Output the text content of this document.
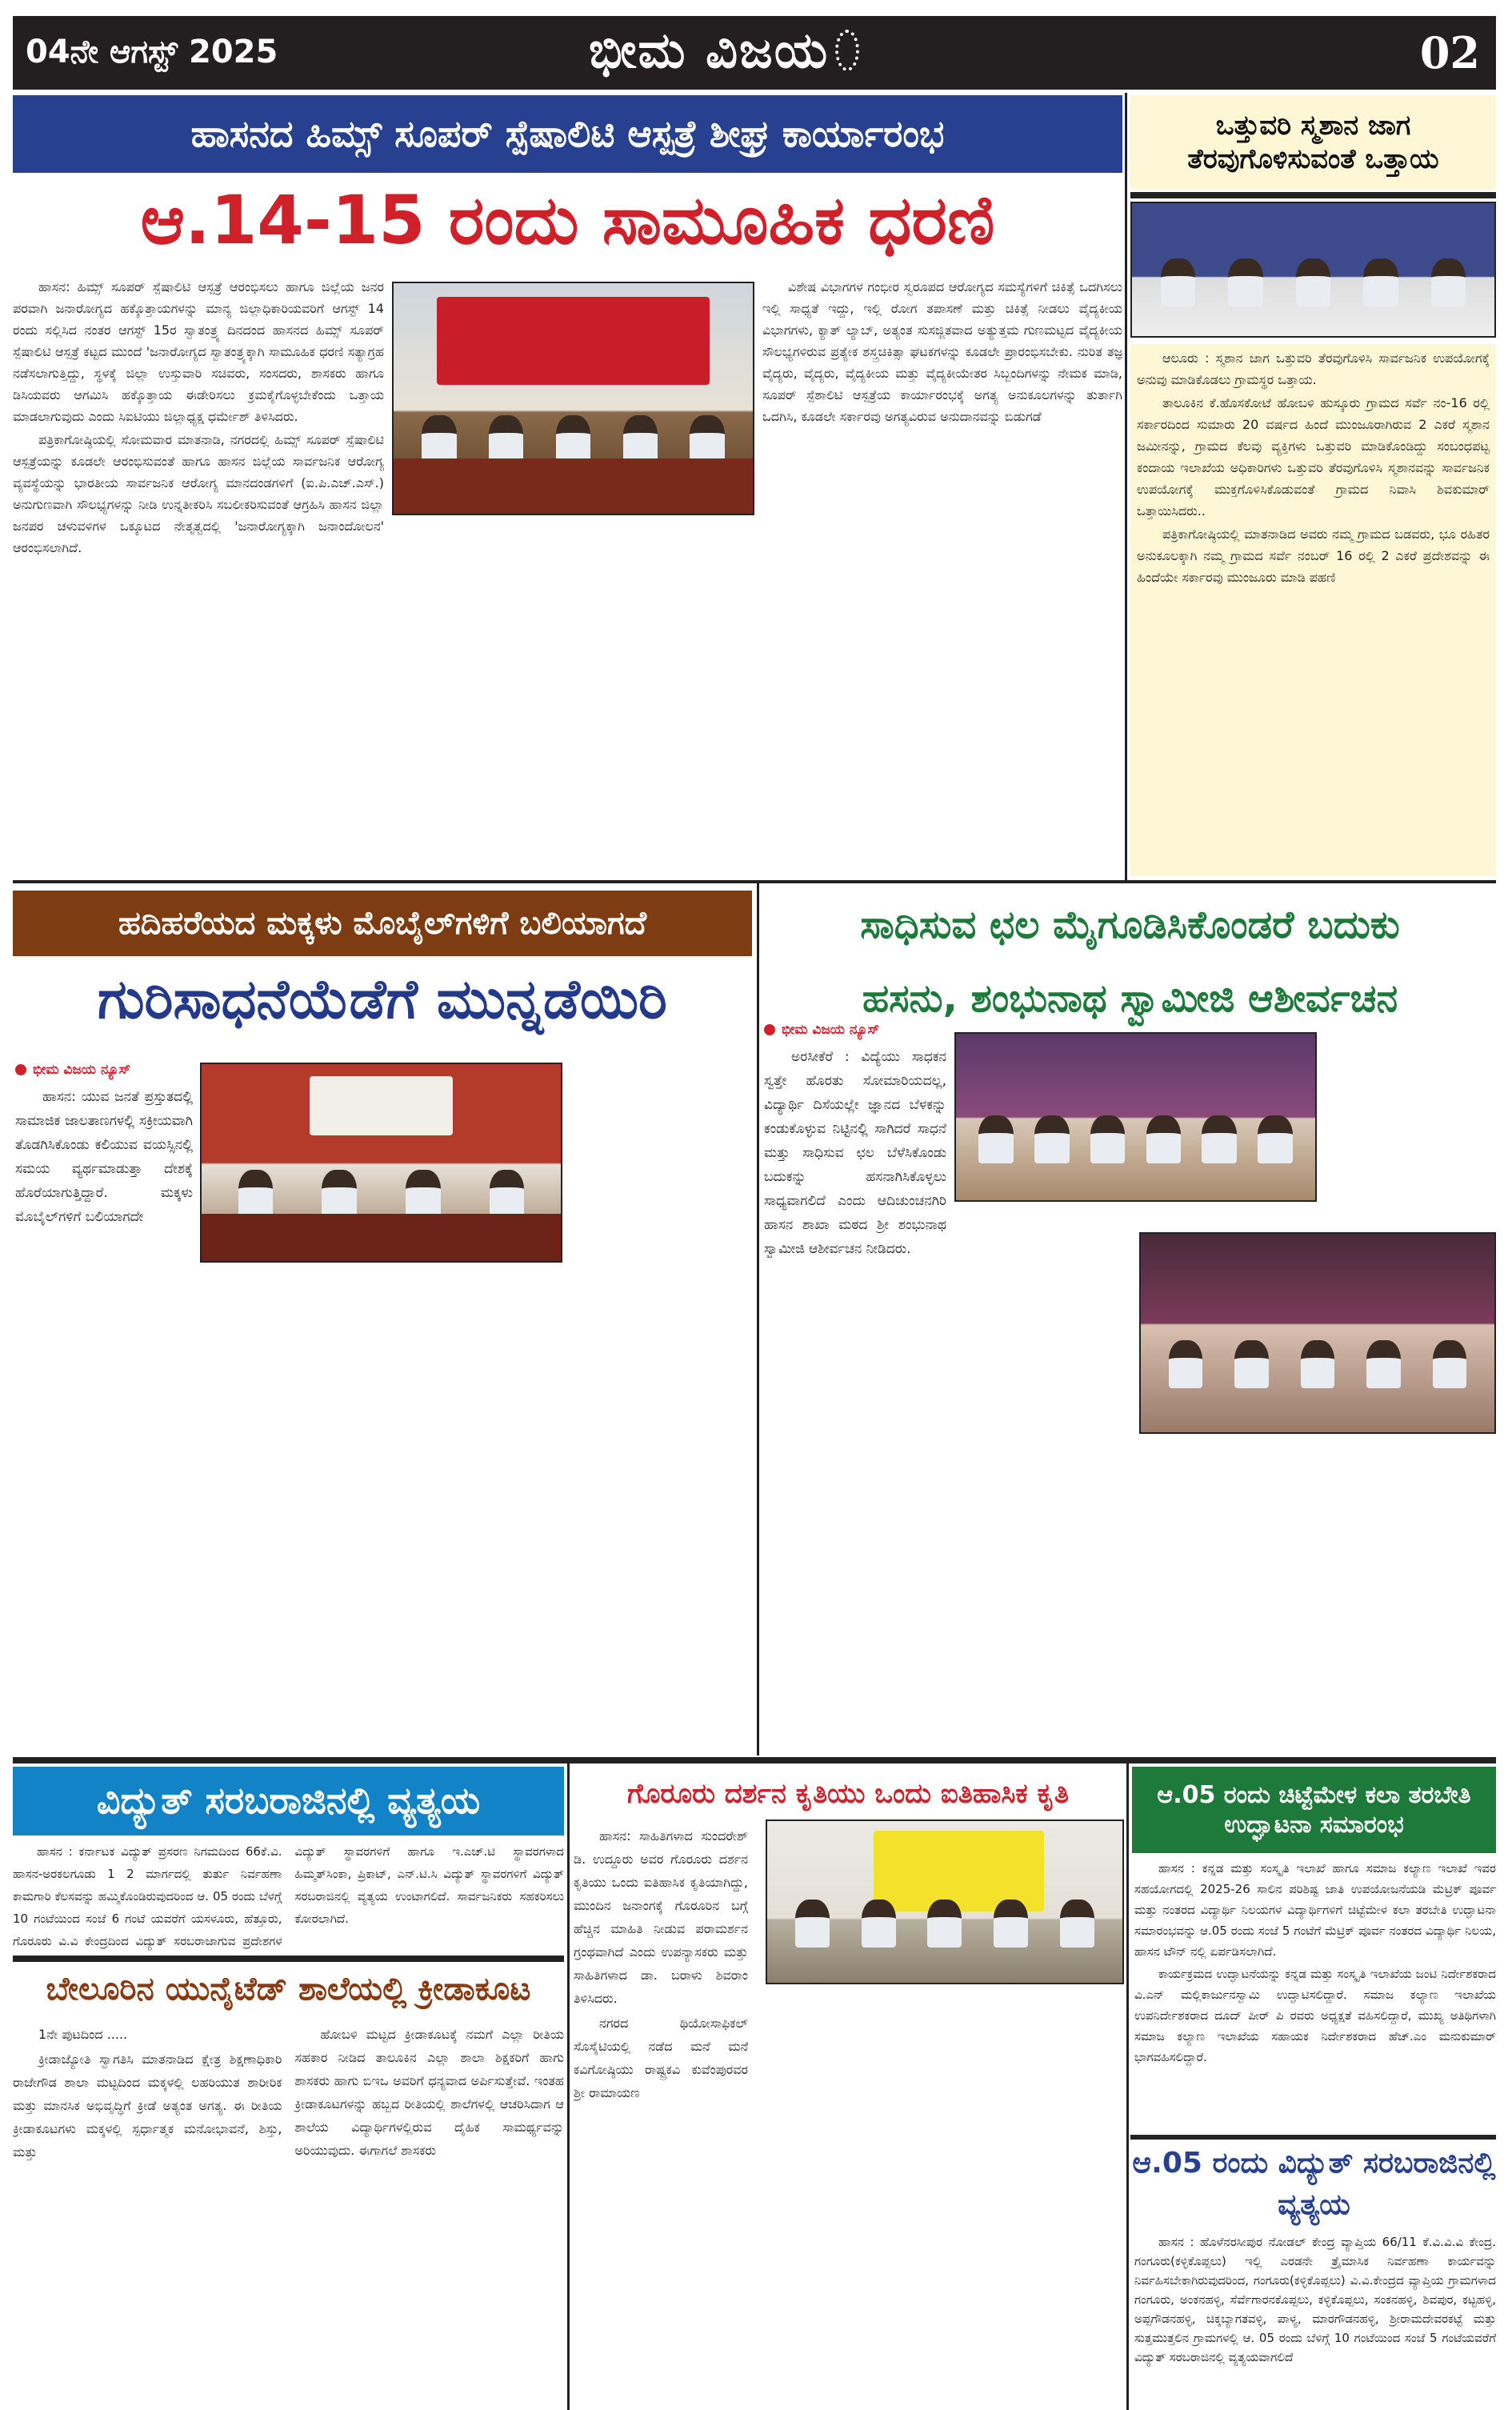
04ನೇ ಆಗಸ್ಟ್ 2025	ಭೀಮ ವಿಜಯ	02
ಹಾಸನದ ಹಿಮ್ಸ್ ಸೂಪರ್ ಸ್ಪೆಷಾಲಿಟಿ ಆಸ್ಪತ್ರೆ ಶೀಘ್ರ ಕಾರ್ಯಾರಂಭ
ಆ.14-15 ರಂದು ಸಾಮೂಹಿಕ ಧರಣಿ

ಹಾಸನ: ಹಿಮ್ಸ್ ಸೂಪರ್ ಸ್ಪೆಷಾಲಿಟಿ ಆಸ್ಪತ್ರೆ ಆರಂಭಿಸಲು ಹಾಗೂ ಜಿಲ್ಲೆಯ ಜನರ ಪರವಾಗಿ ಜನಾರೋಗ್ಯದ ಹಕ್ಕೊತ್ತಾಯಗಳನ್ನು ಮಾನ್ಯ ಜಿಲ್ಲಾಧಿಕಾರಿಯವರಿಗೆ ಆಗಸ್ಟ್ 14 ರಂದು ಸಲ್ಲಿಸಿದ ನಂತರ ಆಗಸ್ಟ್ 15ರ ಸ್ವಾತಂತ್ರ್ಯ ದಿನದಂದ ಹಾಸನದ ಹಿಮ್ಸ್ ಸೂಪರ್ ಸ್ಪೆಷಾಲಿಟಿ ಆಸ್ಪತ್ರೆ ಕಟ್ಟದ ಮುಂದೆ 'ಜನಾರೋಗ್ಯದ ಸ್ವಾತಂತ್ರ್ಯಕ್ಕಾಗಿ ಸಾಮೂಹಿಕ ಧರಣಿ ಸತ್ಯಾಗ್ರಹ ನಡೆಸಲಾಗುತ್ತಿದ್ದು, ಸ್ಥಳಕ್ಕೆ ಜಿಲ್ಲಾ ಉಸ್ತುವಾರಿ ಸಚಿವರು, ಸಂಸದರು, ಶಾಸಕರು ಹಾಗೂ ಡಿಸಿಯವರು ಆಗಮಿಸಿ ಹಕ್ಕೊತ್ತಾಯ ಈಡೇರಿಸಲು ಕ್ರಮಕೈಗೊಳ್ಳಬೇಕೆಂದು ಒತ್ತಾಯ ಮಾಡಲಾಗುವುದು ಎಂದು ಸಿಐಟಿಯು ಜಿಲ್ಲಾಧ್ಯಕ್ಷ ಧರ್ಮೇಶ್ ತಿಳಿಸಿದರು.

ಪತ್ರಿಕಾಗೋಷ್ಠಿಯಲ್ಲಿ ಸೋಮವಾರ ಮಾತನಾಡಿ, ನಗರದಲ್ಲಿ ಹಿಮ್ಸ್ ಸೂಪರ್ ಸ್ಪೆಷಾಲಿಟಿ ಆಸ್ಪತ್ರೆಯನ್ನು ಕೂಡಲೇ ಆರಂಭಿಸುವಂತೆ ಹಾಗೂ ಹಾಸನ ಜಿಲ್ಲೆಯ ಸಾರ್ವಜನಿಕ ಆರೋಗ್ಯ ವ್ಯವಸ್ಥೆಯನ್ನು ಭಾರತೀಯ ಸಾರ್ವಜನಿಕ ಆರೋಗ್ಯ ಮಾನದಂಡಗಳಿಗೆ (ಐ.ಪಿ.ಎಚ್.ಎಸ್.) ಅನುಗುಣವಾಗಿ ಸೌಲಭ್ಯಗಳನ್ನು ನೀಡಿ ಉನ್ನತೀಕರಿಸಿ ಸಬಲೀಕರಿಸುವಂತೆ ಆಗ್ರಹಿಸಿ ಹಾಸನ ಜಿಲ್ಲಾ ಜನಪರ ಚಳುವಳಿಗಳ ಒಕ್ಕೂಟದ ನೇತೃತ್ವದಲ್ಲಿ 'ಜನಾರೋಗ್ಯಕ್ಕಾಗಿ ಜನಾಂದೋಲನ' ಆರಂಭಿಸಲಾಗಿದೆ.

ವಿಶೇಷ ವಿಭಾಗಗಳ ಗಂಭೀರ ಸ್ವರೂಪದ ಆರೋಗ್ಯದ ಸಮಸ್ಯೆಗಳಿಗೆ ಚಿಕಿತ್ಸೆ ಒದಗಿಸಲು ಇಲ್ಲಿ ಸಾಧ್ಯತೆ ಇದ್ದು, ಇಲ್ಲಿ ರೋಗ ತಪಾಸಣೆ ಮತ್ತು ಚಿಕಿತ್ಸೆ ನೀಡಲು ವೈದ್ಯಕೀಯ ವಿಭಾಗಗಳು, ಕ್ಯಾತ್ ಲ್ಯಾಬ್, ಅತ್ಯಂತ ಸುಸಜ್ಜಿತವಾದ ಅತ್ಯುತ್ತಮ ಗುಣಮಟ್ಟದ ವೈದ್ಯಕೀಯ ಸೌಲಭ್ಯಗಳಿರುವ ಪ್ರತ್ಯೇಕ ಶಸ್ತ್ರಚಿಕಿತ್ಸಾ ಘಟಕಗಳನ್ನು ಕೂಡಲೇ ಪ್ರಾರಂಭಿಸಬೇಕು. ನುರಿತ ತಜ್ಞ ವೈದ್ಯರು, ವೈದ್ಯರು, ವೈದ್ಯಕೀಯ ಮತ್ತು ವೈದ್ಯಕೀಯೇತರ ಸಿಬ್ಬಂದಿಗಳನ್ನು ನೇಮಕ ಮಾಡಿ, ಸೂಪರ್ ಸ್ಪೆಶಾಲಿಟಿ ಆಸ್ಪತ್ರೆಯ ಕಾರ್ಯಾರಂಭಕ್ಕೆ ಅಗತ್ಯ ಅನುಕೂಲಗಳನ್ನು ತುರ್ತಾಗಿ ಒದಗಿಸಿ, ಕೂಡಲೇ ಸರ್ಕಾರವು ಅಗತ್ಯವಿರುವ ಅನುದಾನವನ್ನು ಬಿಡುಗಡೆ

ಒತ್ತುವರಿ ಸ್ಮಶಾನ ಜಾಗ ತೆರವುಗೊಳಿಸುವಂತೆ ಒತ್ತಾಯ

ಆಲೂರು : ಸ್ಮಶಾನ ಜಾಗ ಒತ್ತುವರಿ ತೆರವುಗೊಳಿಸಿ ಸಾರ್ವಜನಿಕ ಉಪಯೋಗಕ್ಕೆ ಅನುವು ಮಾಡಿಕೊಡಲು ಗ್ರಾಮಸ್ಥರ ಒತ್ತಾಯ.

ತಾಲೂಕಿನ ಕೆ.ಹೊಸಕೋಟೆ ಹೋಬಳಿ ಹುಸ್ಕೂರು ಗ್ರಾಮದ ಸರ್ವೆ ನಂ-16 ರಲ್ಲಿ ಸರ್ಕಾರದಿಂದ ಸುಮಾರು 20 ವರ್ಷದ ಹಿಂದೆ ಮುಂಜೂರಾಗಿರುವ 2 ಎಕರೆ ಸ್ಮಶಾನ ಜಮೀನನ್ನು, ಗ್ರಾಮದ ಕೆಲವು ವ್ಯಕ್ತಿಗಳು ಒತ್ತುವರಿ ಮಾಡಿಕೊಂಡಿದ್ದು ಸಂಬಂಧಪಟ್ಟ ಕಂದಾಯ ಇಲಾಖೆಯ ಅಧಿಕಾರಿಗಳು ಒತ್ತುವರಿ ತೆರವುಗೊಳಿಸಿ ಸ್ಮಶಾನವನ್ನು ಸಾರ್ವಜನಿಕ ಉಪಯೋಗಕ್ಕೆ ಮುಕ್ತಗೊಳಿಸಿಕೊಡುವಂತೆ ಗ್ರಾಮದ ನಿವಾಸಿ ಶಿವಕುಮಾರ್ ಒತ್ತಾಯಿಸಿದರು..

ಪತ್ರಿಕಾಗೋಷ್ಠಿಯಲ್ಲಿ ಮಾತನಾಡಿದ ಅವರು ನಮ್ಮ ಗ್ರಾಮದ ಬಡವರು, ಭೂ ರಹಿತರ ಅನುಕೂಲಕ್ಕಾಗಿ ನಮ್ಮ ಗ್ರಾಮದ ಸರ್ವೆ ನಂಬರ್ 16 ರಲ್ಲಿ 2 ಎಕರೆ ಪ್ರದೇಶವನ್ನು ಈ ಹಿಂದೆಯೇ ಸರ್ಕಾರವು ಮುಂಜೂರು ಮಾಡಿ ಪಹಣಿ

ಹದಿಹರೆಯದ ಮಕ್ಕಳು ಮೊಬೈಲ್‌ಗಳಿಗೆ ಬಲಿಯಾಗದೆ
ಗುರಿಸಾಧನೆಯೆಡೆಗೆ ಮುನ್ನಡೆಯಿರಿ
ಭೀಮ ವಿಜಯ ನ್ಯೂಸ್

ಹಾಸನ: ಯುವ ಜನತೆ ಪ್ರಸ್ತುತದಲ್ಲಿ ಸಾಮಾಜಿಕ ಜಾಲತಾಣಗಳಲ್ಲಿ ಸಕ್ರೀಯವಾಗಿ ತೊಡಗಿಸಿಕೊಂಡು ಕಲಿಯುವ ವಯಸ್ಸಿನಲ್ಲಿ ಸಮಯ ವ್ಯರ್ಥಮಾಡುತ್ತಾ ದೇಶಕ್ಕೆ ಹೊರೆಯಾಗುತ್ತಿದ್ದಾರೆ. ಮಕ್ಕಳು ಮೊಬೈಲ್‌ಗಳಿಗೆ ಬಲಿಯಾಗದೇ

ಸಾಧಿಸುವ ಛಲ ಮೈಗೂಡಿಸಿಕೊಂಡರೆ ಬದುಕು
ಹಸನು, ಶಂಭುನಾಥ ಸ್ವಾಮೀಜಿ ಆಶೀರ್ವಚನ
ಭೀಮ ವಿಜಯ ನ್ಯೂಸ್

ಅರಸೀಕೆರೆ : ವಿದ್ಯೆಯು ಸಾಧಕನ ಸ್ವತ್ತೇ ಹೊರತು ಸೋಮಾರಿಯದಲ್ಲ, ವಿದ್ಯಾರ್ಥಿ ದಿಸೆಯಲ್ಲೇ ಜ್ಞಾನದ ಬೆಳಕನ್ನು ಕಂಡುಕೊಳ್ಳುವ ನಿಟ್ಟಿನಲ್ಲಿ ಸಾಗಿದರೆ ಸಾಧನೆ ಮತ್ತು ಸಾಧಿಸುವ ಛಲ ಬೆಳೆಸಿಕೊಂಡು ಬದುಕನ್ನು ಹಸನಾಗಿಸಿಕೊಳ್ಳಲು ಸಾಧ್ಯವಾಗಲಿದೆ ಎಂದು ಆದಿಚುಂಚನಗಿರಿ ಹಾಸನ ಶಾಖಾ ಮಠದ ಶ್ರೀ ಶಂಭುನಾಥ ಸ್ವಾಮೀಜಿ ಆಶೀರ್ವಚನ ನೀಡಿದರು.

ವಿದ್ಯುತ್ ಸರಬರಾಜಿನಲ್ಲಿ ವ್ಯತ್ಯಯ

ಹಾಸನ : ಕರ್ನಾಟಕ ವಿದ್ಯುತ್ ಪ್ರಸರಣ ನಿಗಮದಿಂದ 66ಕೆ.ವಿ. ಹಾಸನ-ಅರಕಲಗೂಡು 1 2 ಮಾರ್ಗದಲ್ಲಿ ತುರ್ತು ನಿರ್ವಹಣಾ ಕಾಮಗಾರಿ ಕೆಲಸವನ್ನು ಹಮ್ಮಿಕೊಂಡಿರುವುದರಿಂದ ಆ. 05 ರಂದು ಬೆಳಗ್ಗೆ 10 ಗಂಟೆಯಿಂದ ಸಂಜೆ 6 ಗಂಟೆ ಯವರೆಗೆ ಯಸಳೂರು, ಹೆತ್ತೂರು, ಗೊರೂರು ವಿ.ವಿ ಕೇಂದ್ರದಿಂದ ವಿದ್ಯುತ್ ಸರಬರಾಜಾಗುವ ಪ್ರದೇಶಗಳ ವಿದ್ಯುತ್ ಸ್ಥಾವರಗಳಿಗೆ ಹಾಗೂ ಇ.ಎಚ್.ಟಿ ಸ್ಥಾವರಗಳಾದ ಹಿಮ್ಮತ್‌ಸಿಂಕಾ, ಪ್ರಿಕಾಟ್, ಎನ್.ಟಿ.ಸಿ ವಿದ್ಯುತ್ ಸ್ಥಾವರಗಳಿಗೆ ವಿದ್ಯುತ್ ಸರಬರಾಜಿನಲ್ಲಿ ವ್ಯತ್ಯಯ ಉಂಟಾಗಲಿದೆ. ಸಾರ್ವಜನಿಕರು ಸಹಕರಿಸಲು ಕೋರಲಾಗಿದೆ.

ಬೇಲೂರಿನ ಯುನೈಟೆಡ್ ಶಾಲೆಯಲ್ಲಿ ಕ್ರೀಡಾಕೂಟ

1ನೇ ಪುಟದಿಂದ .....

ಕ್ರೀಡಾಜ್ಯೋತಿ ಸ್ವಾಗತಿಸಿ ಮಾತನಾಡಿದ ಕ್ಷೇತ್ರ ಶಿಕ್ಷಣಾಧಿಕಾರಿ ರಾಜೇಗೌಡ ಶಾಲಾ ಮಟ್ಟದಿಂದ ಮಕ್ಕಳಲ್ಲಿ ಲಹರಿಯುತ ಶಾರೀರಿಕ ಮತ್ತು ಮಾನಸಿಕ ಅಭಿವೃದ್ಧಿಗೆ ಕ್ರೀಡೆ ಅತ್ಯಂತ ಅಗತ್ಯ. ಈ ರೀತಿಯ ಕ್ರೀಡಾಕೂಟಗಳು ಮಕ್ಕಳಲ್ಲಿ ಸ್ಪರ್ಧಾತ್ಮಕ ಮನೋಭಾವನೆ, ಶಿಸ್ತು, ಮತ್ತು

ಹೋಬಳಿ ಮಟ್ಟದ ಕ್ರೀಡಾಕೂಟಕ್ಕೆ ನಮಗೆ ಎಲ್ಲಾ ರೀತಿಯ ಸಹಕಾರ ನೀಡಿದ ತಾಲೂಕಿನ ಎಲ್ಲಾ ಶಾಲಾ ಶಿಕ್ಷಕರಿಗೆ ಹಾಗು ಶಾಸಕರು ಹಾಗು ಬಿಇಒ ಅವರಿಗೆ ಧನ್ಯವಾದ ಅರ್ಪಿಸುತ್ತೇವೆ. ಇಂತಹ ಕ್ರೀಡಾಕೂಟಗಳನ್ನು ಹಬ್ಬದ ರೀತಿಯಲ್ಲಿ ಶಾಲೆಗಳಲ್ಲಿ ಆಚರಿಸಿದಾಗ ಆ ಶಾಲೆಯ ವಿದ್ಯಾರ್ಥಿಗಳಲ್ಲಿರುವ ದೈಹಿಕ ಸಾಮರ್ಥ್ಯವನ್ನು ಅರಿಯುವುದು. ಈಗಾಗಲೆ ಶಾಸಕರು

ಗೊರೂರು ದರ್ಶನ ಕೃತಿಯು ಒಂದು ಐತಿಹಾಸಿಕ ಕೃತಿ

ಹಾಸನ: ಸಾಹಿತಿಗಳಾದ ಸುಂದರೇಶ್ ಡಿ. ಉದ್ದೂರು ಅವರ ಗೊರೂರು ದರ್ಶನ ಕೃತಿಯು ಒಂದು ಐತಿಹಾಸಿಕ ಕೃತಿಯಾಗಿದ್ದು, ಮುಂದಿನ ಜನಾಂಗಕ್ಕೆ ಗೊರೂರಿನ ಬಗ್ಗೆ ಹೆಚ್ಚಿನ ಮಾಹಿತಿ ನೀಡುವ ಪರಾಮರ್ಶನ ಗ್ರಂಥವಾಗಿದೆ ಎಂದು ಉಪನ್ಯಾಸಕರು ಮತ್ತು ಸಾಹಿತಿಗಳಾದ ಡಾ. ಬರಾಳು ಶಿವರಾಂ ತಿಳಿಸಿದರು.

ನಗರದ ಥಿಯೋಸಾಫಿಕಲ್ ಸೊಸೈಟಿಯಲ್ಲಿ ನಡೆದ ಮನೆ ಮನೆ ಕವಿಗೋಷ್ಠಿಯು ರಾಷ್ಟ್ರಕವಿ ಕುವೆಂಪುರವರ ಶ್ರೀ ರಾಮಾಯಣ

ಆ.05 ರಂದು ಚಿಟ್ಟೆಮೇಳ ಕಲಾ ತರಬೇತಿ ಉದ್ಘಾಟನಾ ಸಮಾರಂಭ

ಹಾಸನ : ಕನ್ನಡ ಮತ್ತು ಸಂಸ್ಕೃತಿ ಇಲಾಖೆ ಹಾಗೂ ಸಮಾಜ ಕಲ್ಯಾಣ ಇಲಾಖೆ ಇವರ ಸಹಯೋಗದಲ್ಲಿ 2025-26 ಸಾಲಿನ ಪರಿಶಿಷ್ಟ ಜಾತಿ ಉಪಯೋಜನೆಯಡಿ ಮೆಟ್ರಿಕ್ ಪೂರ್ವ ಮತ್ತು ನಂತರದ ವಿದ್ಯಾರ್ಥಿ ನಿಲಯಗಳ ವಿದ್ಯಾರ್ಥಿಗಳಿಗೆ ಚಿಟ್ಟೆಮೇಳ ಕಲಾ ತರಬೇತಿ ಉದ್ಘಾಟನಾ ಸಮಾರಂಭವನ್ನು ಆ.05 ರಂದು ಸಂಜೆ 5 ಗಂಟೆಗೆ ಮೆಟ್ರಿಕ್ ಪೂರ್ವ ನಂತರದ ವಿದ್ಯಾರ್ಥಿ ನಿಲಯ, ಹಾಸನ ಟೌನ್ ನಲ್ಲಿ ಏರ್ಪಡಿಸಲಾಗಿದೆ.

ಕಾರ್ಯಕ್ರಮದ ಉದ್ಘಾಟನೆಯನ್ನು ಕನ್ನಡ ಮತ್ತು ಸಂಸ್ಕೃತಿ ಇಲಾಖೆಯ ಜಂಟಿ ನಿರ್ದೇಶಕರಾದ ವಿ.ಎನ್ ಮಲ್ಲಿಕಾರ್ಜುನಸ್ವಾಮಿ ಉದ್ಘಾಟಿಸಲಿದ್ದಾರೆ. ಸಮಾಜ ಕಲ್ಯಾಣ ಇಲಾಖೆಯ ಉಪನಿರ್ದೇಶಕರಾದ ದೂದ್ ಪೀರ್ ಪಿ ರವರು ಅಧ್ಯಕ್ಷತೆ ವಹಿಸಲಿದ್ದಾರೆ, ಮುಖ್ಯ ಅತಿಥಿಗಳಾಗಿ ಸಮಾಜ ಕಲ್ಯಾಣ ಇಲಾಖೆಯ ಸಹಾಯಕ ನಿರ್ದೇಶಕರಾದ ಹೆಚ್.ಎಂ ಮನುಕುಮಾರ್ ಭಾಗವಹಿಸಲಿದ್ದಾರೆ.

ಆ.05 ರಂದು ವಿದ್ಯುತ್ ಸರಬರಾಜಿನಲ್ಲಿ ವ್ಯತ್ಯಯ

ಹಾಸನ : ಹೊಳೆನರಸೀಪುರ ನೋಡಲ್ ಕೇಂದ್ರ ವ್ಯಾಪ್ತಿಯ 66/11 ಕೆ.ವಿ.ವಿ.ವಿ ಕೇಂದ್ರ. ಗಂಗೂರು(ಕಳ್ಳಿಕೊಪ್ಪಲು) ಇಲ್ಲಿ ಎರಡನೇ ತ್ರೈಮಾಸಿಕ ನಿರ್ವಹಣಾ ಕಾರ್ಯವನ್ನು ನಿರ್ವಹಿಸಬೇಕಾಗಿರುವುದರಿಂದ, ಗಂಗೂರು(ಕಳ್ಳಿಕೊಪ್ಪಲು) ವಿ.ವಿ.ಕೇಂದ್ರದ ವ್ಯಾಪ್ತಿಯ ಗ್ರಾಮಗಳಾದ ಗಂಗೂರು, ಅಂಕನಹಳ್ಳಿ, ಸೆರ್ವೆಗಾರನಕೊಪ್ಪಲು, ಕಳ್ಳಿಕೊಪ್ಪಲು, ಸಂಕನಹಳ್ಳಿ, ಶಿವಪುರ, ಕಟ್ಟಹಳ್ಳಿ, ಅಪ್ಪಗೌಡನಹಳ್ಳಿ, ಚಿಕ್ಕಬ್ಯಾಗತವಳ್ಳಿ, ಪಾಳ್ಯ, ಮಾರಗೌಡನಹಳ್ಳಿ, ಶ್ರೀರಾಮದೇವರಕಟ್ಟೆ ಮತ್ತು ಸುತ್ತಮುತ್ತಲಿನ ಗ್ರಾಮಗಳಲ್ಲಿ ಆ. 05 ರಂದು ಬೆಳಿಗ್ಗೆ 10 ಗಂಟೆಯಿಂದ ಸಂಜೆ 5 ಗಂಟೆಯವರೆಗೆ ವಿದ್ಯುತ್ ಸರಬರಾಜಿನಲ್ಲಿ ವ್ಯತ್ಯಯವಾಗಲಿದೆ
